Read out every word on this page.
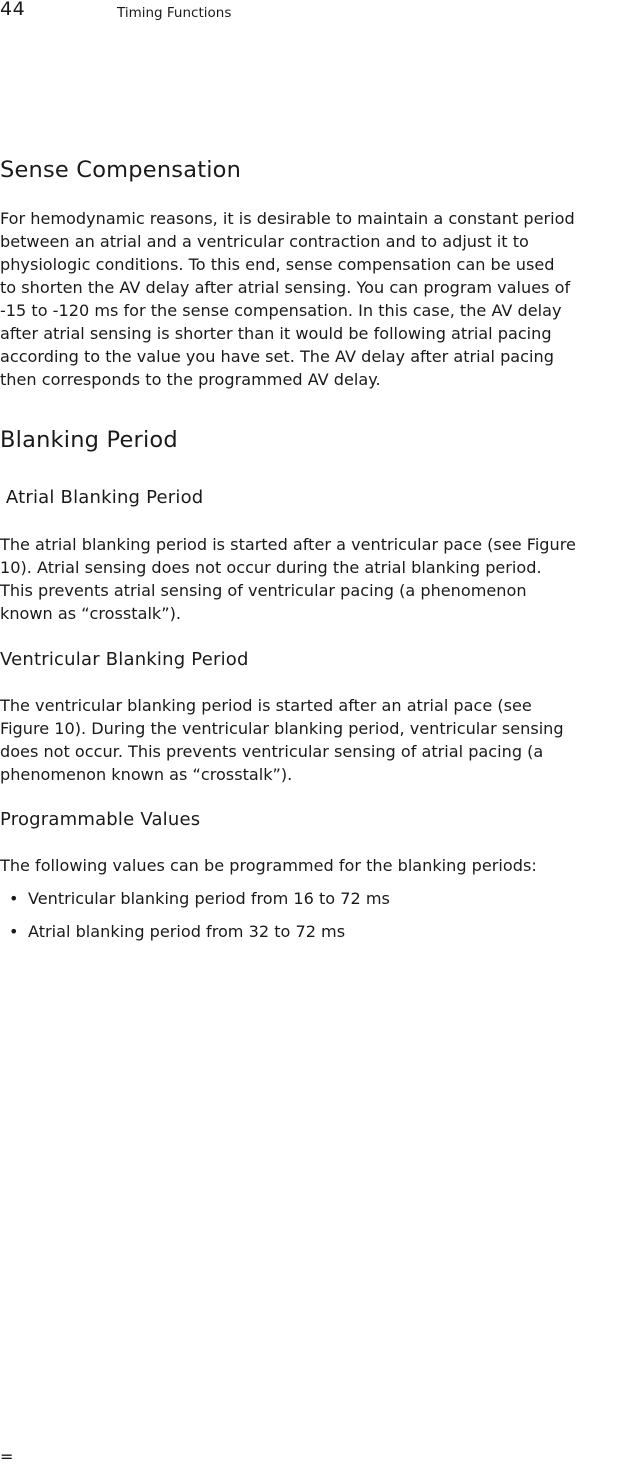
44	Timing Functions
Sense Compensation

For hemodynamic reasons, it is desirable to maintain a constant period
between an atrial and a ventricular contraction and to adjust it to
physiologic conditions. To this end, sense compensation can be used
to shorten the AV delay after atrial sensing. You can program values of
-15 to -120 ms for the sense compensation. In this case, the AV delay
after atrial sensing is shorter than it would be following atrial pacing
according to the value you have set. The AV delay after atrial pacing
then corresponds to the programmed AV delay.

Blanking Period
Atrial Blanking Period

The atrial blanking period is started after a ventricular pace (see Figure
10). Atrial sensing does not occur during the atrial blanking period.
This prevents atrial sensing of ventricular pacing (a phenomenon
known as “crosstalk”).

Ventricular Blanking Period

The ventricular blanking period is started after an atrial pace (see
Figure 10). During the ventricular blanking period, ventricular sensing
does not occur. This prevents ventricular sensing of atrial pacing (a
phenomenon known as “crosstalk”).

Programmable Values

The following values can be programmed for the blanking periods:

• Ventricular blanking period from 16 to 72 ms
• Atrial blanking period from 32 to 72 ms
=
